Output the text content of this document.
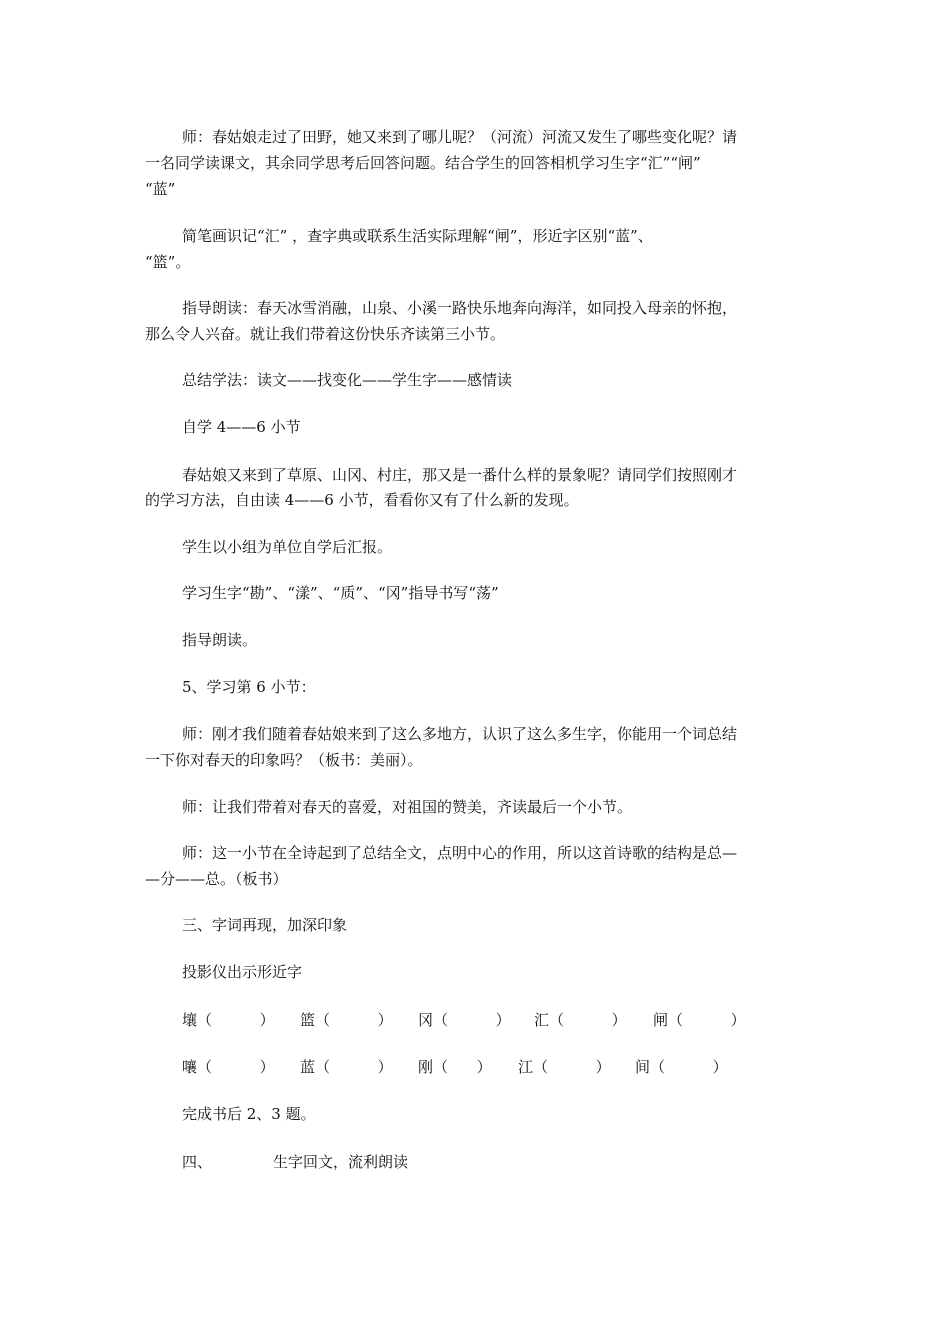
师：春姑娘走过了田野，她又来到了哪儿呢？（河流）河流又发生了哪些变化呢？请
一名同学读课文，其余同学思考后回答问题。结合学生的回答相机学习生字“汇”“闸”
“蓝”
简笔画识记“汇” ，查字典或联系生活实际理解“闸”，形近字区别“蓝”、
“篮”。
指导朗读：春天冰雪消融，山泉、小溪一路快乐地奔向海洋，如同投入母亲的怀抱，
那么令人兴奋。就让我们带着这份快乐齐读第三小节。
总结学法：读文——找变化——学生字——感情读
自学 4——6 小节
春姑娘又来到了草原、山冈、村庄，那又是一番什么样的景象呢？请同学们按照刚才
的学习方法，自由读 4——6 小节，看看你又有了什么新的发现。
学生以小组为单位自学后汇报。
学习生字“勘”、“漾”、“质”、“冈”指导书写“荡”
指导朗读。
5、学习第 6 小节：
师：刚才我们随着春姑娘来到了这么多地方，认识了这么多生字，你能用一个词总结
一下你对春天的印象吗？（板书：美丽）。
师：让我们带着对春天的喜爱，对祖国的赞美，齐读最后一个小节。
师：这一小节在全诗起到了总结全文，点明中心的作用，所以这首诗歌的结构是总—
—分——总。（板书）
三、字词再现，加深印象
投影仪出示形近字
壤（          ） 篮（          ） 冈（          ） 汇（          ） 闸（          ）
嚷（          ） 蓝（          ） 刚（      ） 江（          ） 间（          ）
完成书后 2、3 题。
四、	生字回文，流利朗读
